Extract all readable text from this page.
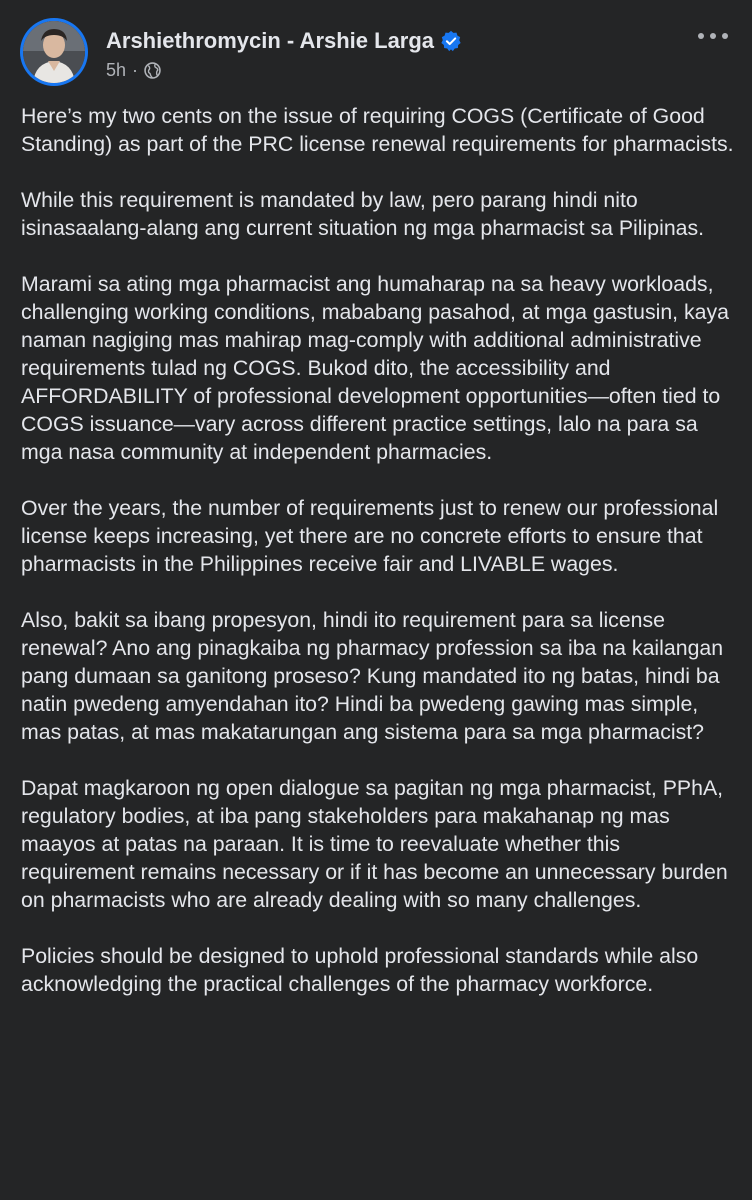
Arshiethromycin - Arshie Larga
5h ·

Here’s my two cents on the issue of requiring COGS (Certificate of Good Standing) as part of the PRC license renewal requirements for pharmacists.

While this requirement is mandated by law, pero parang hindi nito isinasaalang-alang ang current situation ng mga pharmacist sa Pilipinas.

Marami sa ating mga pharmacist ang humaharap na sa heavy workloads, challenging working conditions, mababang pasahod, at mga gastusin, kaya naman nagiging mas mahirap mag-comply with additional administrative requirements tulad ng COGS. Bukod dito, the accessibility and AFFORDABILITY of professional development opportunities—often tied to COGS issuance—vary across different practice settings, lalo na para sa mga nasa community at independent pharmacies.

Over the years, the number of requirements just to renew our professional license keeps increasing, yet there are no concrete efforts to ensure that pharmacists in the Philippines receive fair and LIVABLE wages.

Also, bakit sa ibang propesyon, hindi ito requirement para sa license renewal? Ano ang pinagkaiba ng pharmacy profession sa iba na kailangan pang dumaan sa ganitong proseso? Kung mandated ito ng batas, hindi ba natin pwedeng amyendahan ito? Hindi ba pwedeng gawing mas simple, mas patas, at mas makatarungan ang sistema para sa mga pharmacist?

Dapat magkaroon ng open dialogue sa pagitan ng mga pharmacist, PPhA, regulatory bodies, at iba pang stakeholders para makahanap ng mas maayos at patas na paraan. It is time to reevaluate whether this requirement remains necessary or if it has become an unnecessary burden on pharmacists who are already dealing with so many challenges.

Policies should be designed to uphold professional standards while also acknowledging the practical challenges of the pharmacy workforce.
